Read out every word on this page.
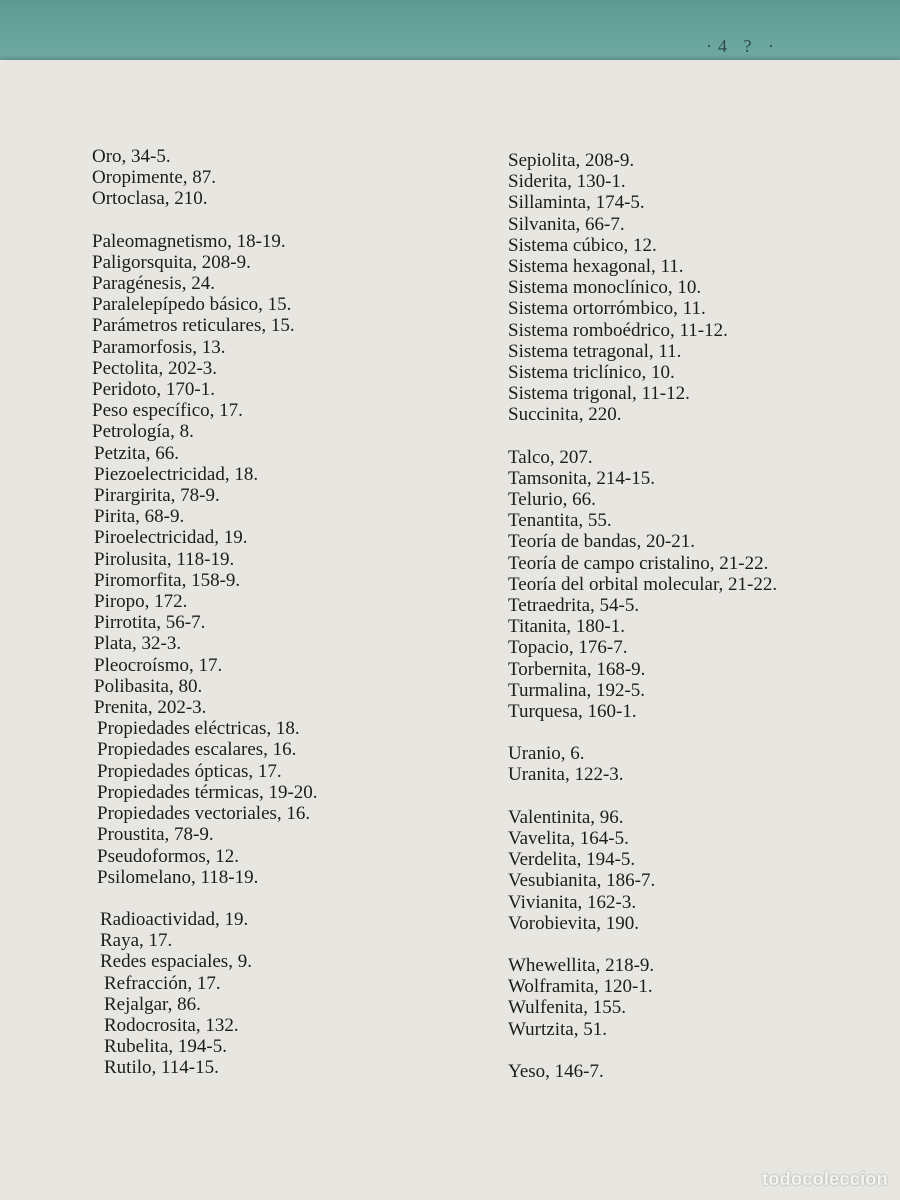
·4 ? ·
Oro, 34-5.
Oropimente, 87.
Ortoclasa, 210.
Paleomagnetismo, 18-19.
Paligorsquita, 208-9.
Paragénesis, 24.
Paralelepípedo básico, 15.
Parámetros reticulares, 15.
Paramorfosis, 13.
Pectolita, 202-3.
Peridoto, 170-1.
Peso específico, 17.
Petrología, 8.
Petzita, 66.
Piezoelectricidad, 18.
Pirargirita, 78-9.
Pirita, 68-9.
Piroelectricidad, 19.
Pirolusita, 118-19.
Piromorfita, 158-9.
Piropo, 172.
Pirrotita, 56-7.
Plata, 32-3.
Pleocroísmo, 17.
Polibasita, 80.
Prenita, 202-3.
Propiedades eléctricas, 18.
Propiedades escalares, 16.
Propiedades ópticas, 17.
Propiedades térmicas, 19-20.
Propiedades vectoriales, 16.
Proustita, 78-9.
Pseudoformos, 12.
Psilomelano, 118-19.
Radioactividad, 19.
Raya, 17.
Redes espaciales, 9.
Refracción, 17.
Rejalgar, 86.
Rodocrosita, 132.
Rubelita, 194-5.
Rutilo, 114-15.
Sepiolita, 208-9.
Siderita, 130-1.
Sillaminta, 174-5.
Silvanita, 66-7.
Sistema cúbico, 12.
Sistema hexagonal, 11.
Sistema monoclínico, 10.
Sistema ortorrómbico, 11.
Sistema romboédrico, 11-12.
Sistema tetragonal, 11.
Sistema triclínico, 10.
Sistema trigonal, 11-12.
Succinita, 220.
Talco, 207.
Tamsonita, 214-15.
Telurio, 66.
Tenantita, 55.
Teoría de bandas, 20-21.
Teoría de campo cristalino, 21-22.
Teoría del orbital molecular, 21-22.
Tetraedrita, 54-5.
Titanita, 180-1.
Topacio, 176-7.
Torbernita, 168-9.
Turmalina, 192-5.
Turquesa, 160-1.
Uranio, 6.
Uranita, 122-3.
Valentinita, 96.
Vavelita, 164-5.
Verdelita, 194-5.
Vesubianita, 186-7.
Vivianita, 162-3.
Vorobievita, 190.
Whewellita, 218-9.
Wolframita, 120-1.
Wulfenita, 155.
Wurtzita, 51.
Yeso, 146-7.
todocoleccion
